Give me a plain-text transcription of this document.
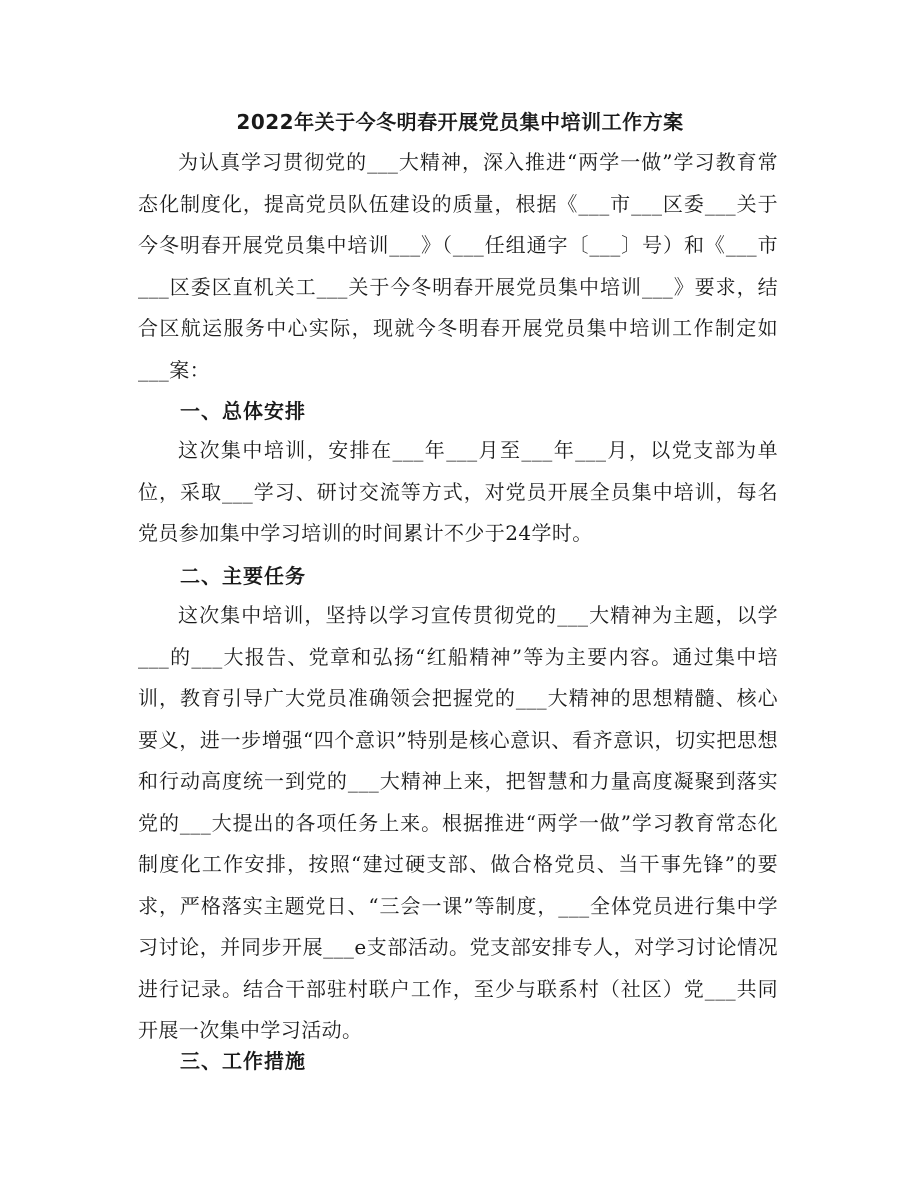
2022年关于今冬明春开展党员集中培训工作方案

为认真学习贯彻党的___大精神，深入推进“两学一做”学习教育常态化制度化，提高党员队伍建设的质量，根据《___市___区委___关于今冬明春开展党员集中培训___》（___任组通字〔___〕号）和《___市___区委区直机关工___关于今冬明春开展党员集中培训___》要求，结合区航运服务中心实际，现就今冬明春开展党员集中培训工作制定如___案：

一、总体安排

这次集中培训，安排在___年___月至___年___月，以党支部为单位，采取___学习、研讨交流等方式，对党员开展全员集中培训，每名党员参加集中学习培训的时间累计不少于24学时。

二、主要任务

这次集中培训，坚持以学习宣传贯彻党的___大精神为主题，以学___的___大报告、党章和弘扬“红船精神”等为主要内容。通过集中培训，教育引导广大党员准确领会把握党的___大精神的思想精髓、核心要义，进一步增强“四个意识”特别是核心意识、看齐意识，切实把思想和行动高度统一到党的___大精神上来，把智慧和力量高度凝聚到落实党的___大提出的各项任务上来。根据推进“两学一做”学习教育常态化制度化工作安排，按照“建过硬支部、做合格党员、当干事先锋”的要求，严格落实主题党日、“三会一课”等制度，___全体党员进行集中学习讨论，并同步开展___e支部活动。党支部安排专人，对学习讨论情况进行记录。结合干部驻村联户工作，至少与联系村（社区）党___共同开展一次集中学习活动。

三、工作措施
